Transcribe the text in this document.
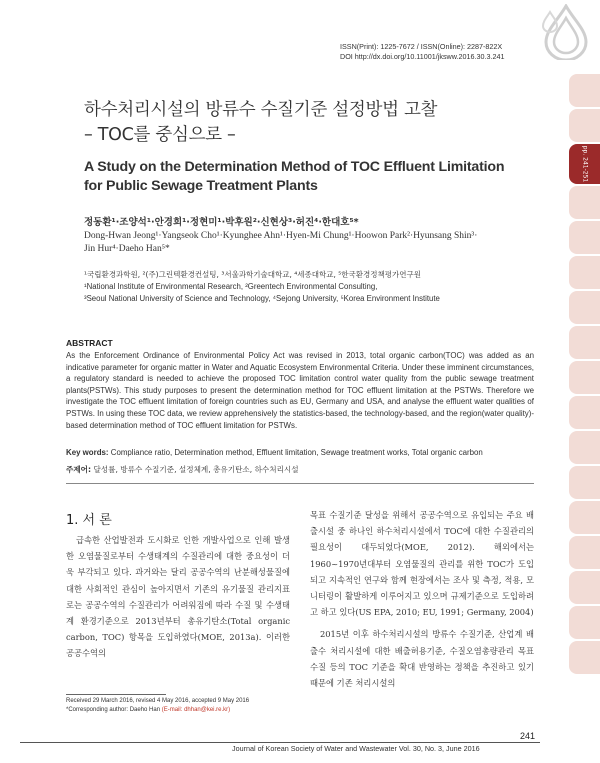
ISSN(Print): 1225-7672 / ISSN(Online): 2287-822X
DOI http://dx.doi.org/10.11001/jksww.2016.30.3.241
pp. 241-251
하수처리시설의 방류수 수질기준 설정방법 고찰
– TOC를 중심으로 –
A Study on the Determination Method of TOC Effluent Limitation
for Public Sewage Treatment Plants
정동환¹·조양석¹·안경희¹·정현미¹·박후원²·신현상³·허진⁴·한대호⁵*
Dong-Hwan Jeong¹·Yangseok Cho¹·Kyunghee Ahn¹·Hyen-Mi Chung¹·Hoowon Park²·Hyunsang Shin³·
Jin Hur⁴·Daeho Han⁵*
¹국립환경과학원, ²(주)그린텍환경컨설팅, ³서울과학기술대학교, ⁴세종대학교, ⁵한국환경정책평가연구원
¹National Institute of Environmental Research, ²Greentech Environmental Consulting,
³Seoul National University of Science and Technology, ⁴Sejong University, ⁵Korea Environment Institute
ABSTRACT
As the Enforcement Ordinance of Environmental Policy Act was revised in 2013, total organic carbon(TOC) was added as an indicative parameter for organic matter in Water and Aquatic Ecosystem Environmental Criteria. Under these imminent circumstances, a regulatory standard is needed to achieve the proposed TOC limitation control water quality from the public sewage treatment plants(PSTWs). This study purposes to present the determination method for TOC effluent limitation at the PSTWs. Therefore we investigate the TOC effluent limitation of foreign countries such as EU, Germany and USA, and analyse the effluent water qualities of PSTWs. In using these TOC data, we review apprehensively the statistics-based, the technology-based, and the region(water quality)-based determination method of TOC effluent limitation for PSTWs.
Key words: Compliance ratio, Determination method, Effluent limitation, Sewage treatment works, Total organic carbon
주제어: 달성률, 방류수 수질기준, 설정체계, 총유기탄소, 하수처리시설
1. 서 론
급속한 산업발전과 도시화로 인한 개발사업으로 인해 발생한 오염물질로부터 수생태계의 수질관리에 대한 중요성이 더욱 부각되고 있다. 과거와는 달리 공공수역의 난분해성물질에 대한 사회적인 관심이 높아지면서 기존의 유기물질 관리지표로는 공공수역의 수질관리가 어려워짐에 따라 수질 및 수생태계 환경기준으로 2013년부터 총유기탄소(Total organic carbon, TOC) 항목을 도입하였다(MOE, 2013a). 이러한 공공수역의
목표 수질기준 달성을 위해서 공공수역으로 유입되는 주요 배출시설 중 하나인 하수처리시설에서 TOC에 대한 수질관리의 필요성이 대두되었다(MOE, 2012). 해외에서는 1960~1970년대부터 오염물질의 관리를 위한 TOC가 도입되고 지속적인 연구와 함께 현장에서는 조사 및 측정, 적용, 모니터링이 활발하게 이루어지고 있으며 규제기준으로 도입하려고 하고 있다(US EPA, 2010; EU, 1991; Germany, 2004)
2015년 이후 하수처리시설의 방류수 수질기준, 산업계 배출수 처리시설에 대한 배출허용기준, 수질오염총량관리 목표수질 등의 TOC 기준을 확대 반영하는 정책을 추진하고 있기 때문에 기존 처리시설의
Received 29 March 2016, revised 4 May 2016, accepted 9 May 2016
*Corresponding author: Daeho Han (E-mail: dhhan@kei.re.kr)
241
Journal of Korean Society of Water and Wastewater Vol. 30, No. 3, June 2016
